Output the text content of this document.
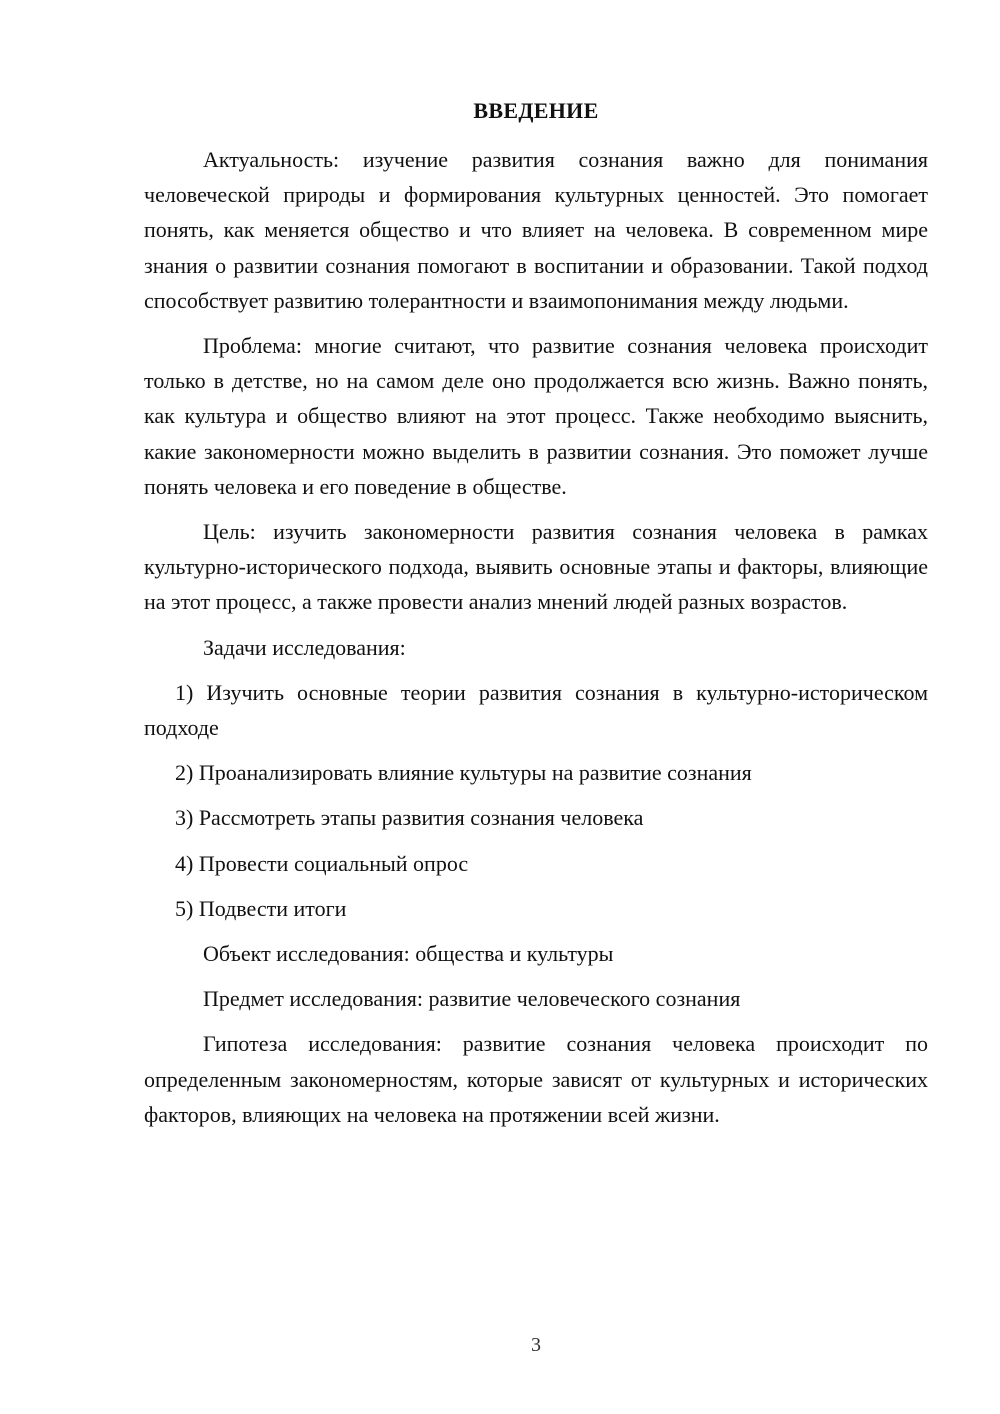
ВВЕДЕНИЕ

Актуальность: изучение развития сознания важно для понимания человеческой природы и формирования культурных ценностей. Это помогает понять, как меняется общество и что влияет на человека. В современном мире знания о развитии сознания помогают в воспитании и образовании. Такой подход способствует развитию толерантности и взаимопонимания между людьми.

Проблема: многие считают, что развитие сознания человека происходит только в детстве, но на самом деле оно продолжается всю жизнь. Важно понять, как культура и общество влияют на этот процесс. Также необходимо выяснить, какие закономерности можно выделить в развитии сознания. Это поможет лучше понять человека и его поведение в обществе.

Цель: изучить закономерности развития сознания человека в рамках культурно-исторического подхода, выявить основные этапы и факторы, влияющие на этот процесс, а также провести анализ мнений людей разных возрастов.

Задачи исследования:

1) Изучить основные теории развития сознания в культурно-историческом подходе

2) Проанализировать влияние культуры на развитие сознания

3) Рассмотреть этапы развития сознания человека

4) Провести социальный опрос

5) Подвести итоги

Объект исследования: общества и культуры

Предмет исследования: развитие человеческого сознания

Гипотеза исследования: развитие сознания человека происходит по определенным закономерностям, которые зависят от культурных и исторических факторов, влияющих на человека на протяжении всей жизни.

3
